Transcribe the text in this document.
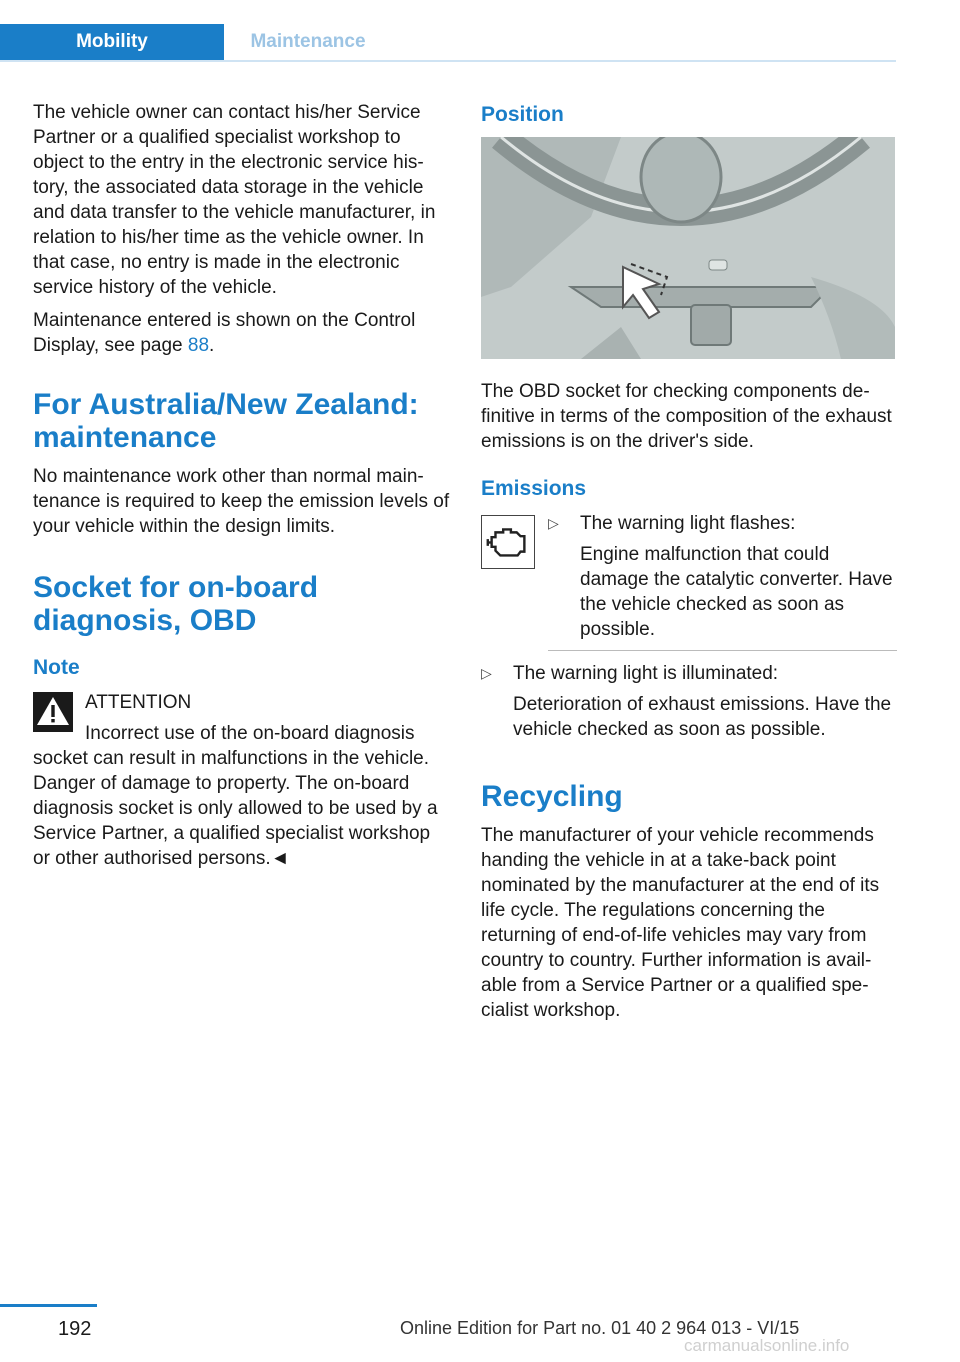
Mobility	Maintenance

The vehicle owner can contact his/her Service Partner or a qualified specialist workshop to object to the entry in the electronic service history, the associated data storage in the vehicle and data transfer to the vehicle manufacturer, in relation to his/her time as the vehicle owner. In that case, no entry is made in the electronic service history of the vehicle.

Maintenance entered is shown on the Control Display, see page 88.

For Australia/New Zealand: maintenance

No maintenance work other than normal maintenance is required to keep the emission levels of your vehicle within the design limits.

Socket for on-board diagnosis, OBD
Note
ATTENTION
Incorrect use of the on-board diagnosis socket can result in malfunctions in the vehicle. Danger of damage to property. The on-board diagnosis socket is only allowed to be used by a Service Partner, a qualified specialist workshop or other authorised persons.◄
Position

The OBD socket for checking components definitive in terms of the composition of the exhaust emissions is on the driver's side.

Emissions
▷ The warning light flashes:
Engine malfunction that could damage the catalytic converter. Have the vehicle checked as soon as possible.
▷ The warning light is illuminated:
Deterioration of exhaust emissions. Have the vehicle checked as soon as possible.
Recycling

The manufacturer of your vehicle recommends handing the vehicle in at a take-back point nominated by the manufacturer at the end of its life cycle. The regulations concerning the returning of end-of-life vehicles may vary from country to country. Further information is available from a Service Partner or a qualified specialist workshop.

192	Online Edition for Part no. 01 40 2 964 013 - VI/15
carmanualsonline.info
